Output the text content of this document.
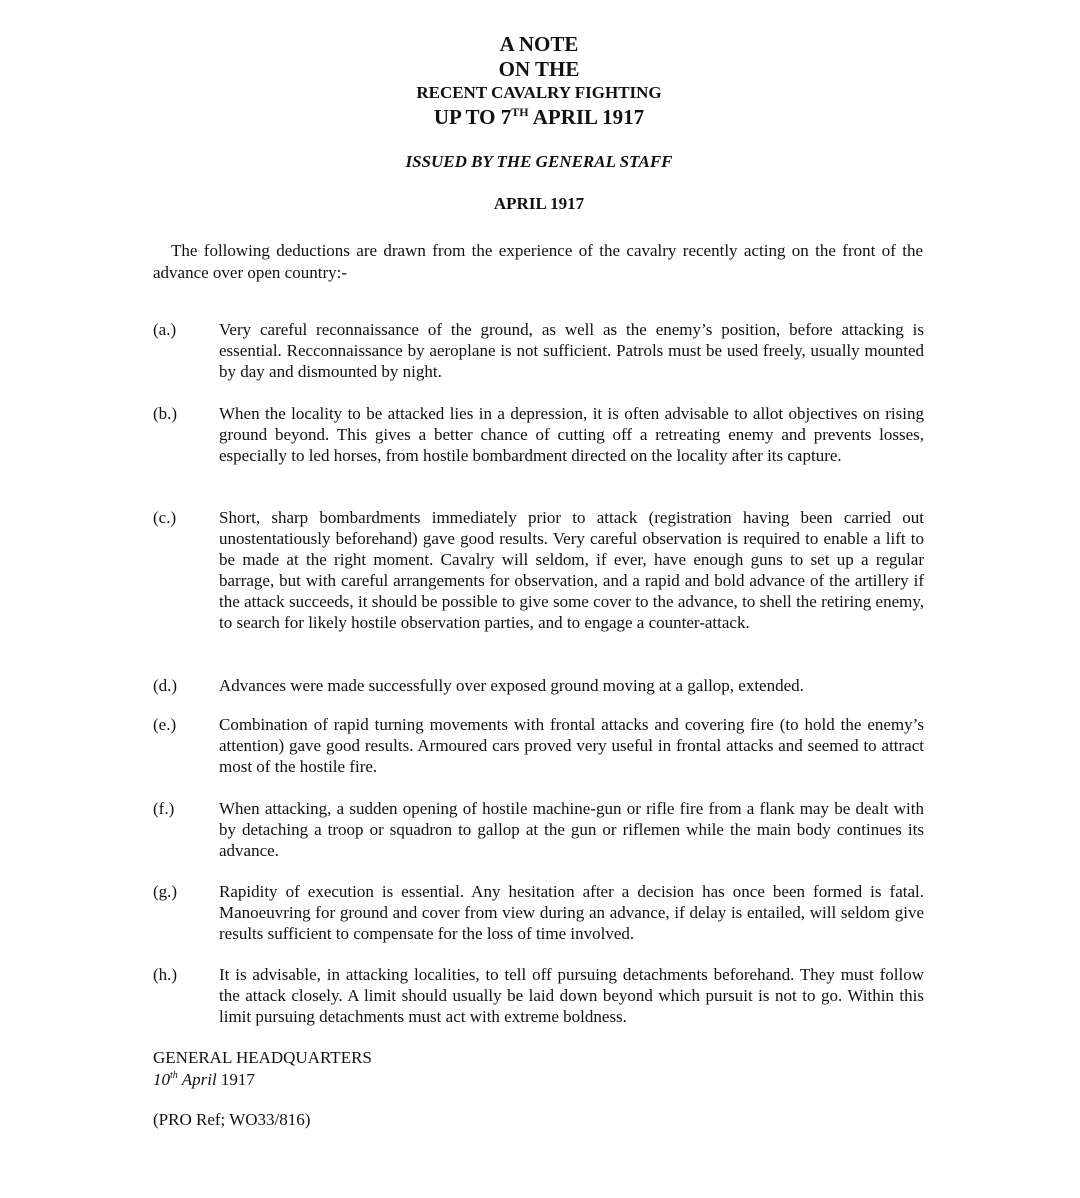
A NOTE
ON THE
RECENT CAVALRY FIGHTING
UP TO 7TH APRIL 1917
ISSUED BY THE GENERAL STAFF
APRIL 1917
The following deductions are drawn from the experience of the cavalry recently acting on the front of the advance over open country:-
(a.)	Very careful reconnaissance of the ground, as well as the enemy’s position, before attacking is essential. Recconnaissance by aeroplane is not sufficient. Patrols must be used freely, usually mounted by day and dismounted by night.
(b.)	When the locality to be attacked lies in a depression, it is often advisable to allot objectives on rising ground beyond. This gives a better chance of cutting off a retreating enemy and prevents losses, especially to led horses, from hostile bombardment directed on the locality after its capture.
(c.)	Short, sharp bombardments immediately prior to attack (registration having been carried out unostentatiously beforehand) gave good results. Very careful observation is required to enable a lift to be made at the right moment. Cavalry will seldom, if ever, have enough guns to set up a regular barrage, but with careful arrangements for observation, and a rapid and bold advance of the artillery if the attack succeeds, it should be possible to give some cover to the advance, to shell the retiring enemy, to search for likely hostile observation parties, and to engage a counter-attack.
(d.)	Advances were made successfully over exposed ground moving at a gallop, extended.
(e.)	Combination of rapid turning movements with frontal attacks and covering fire (to hold the enemy’s attention) gave good results. Armoured cars proved very useful in frontal attacks and seemed to attract most of the hostile fire.
(f.)	When attacking, a sudden opening of hostile machine-gun or rifle fire from a flank may be dealt with by detaching a troop or squadron to gallop at the gun or riflemen while the main body continues its advance.
(g.)	Rapidity of execution is essential. Any hesitation after a decision has once been formed is fatal. Manoeuvring for ground and cover from view during an advance, if delay is entailed, will seldom give results sufficient to compensate for the loss of time involved.
(h.)	It is advisable, in attacking localities, to tell off pursuing detachments beforehand. They must follow the attack closely. A limit should usually be laid down beyond which pursuit is not to go. Within this limit pursuing detachments must act with extreme boldness.
GENERAL HEADQUARTERS
10th April 1917
(PRO Ref; WO33/816)
